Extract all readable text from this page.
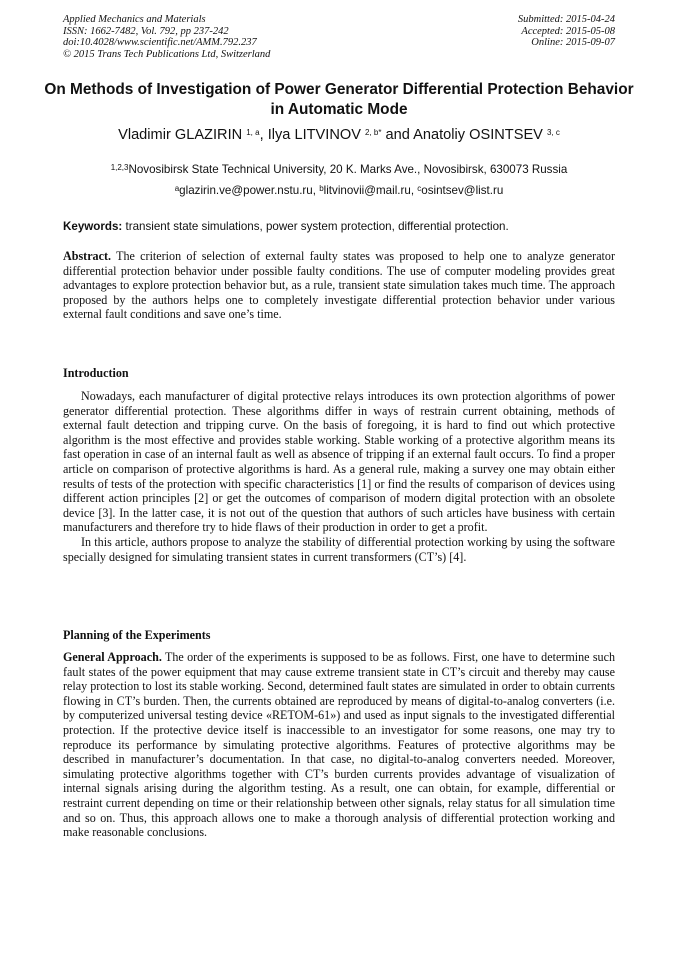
Applied Mechanics and Materials
ISSN: 1662-7482, Vol. 792, pp 237-242
doi:10.4028/www.scientific.net/AMM.792.237
© 2015 Trans Tech Publications Ltd, Switzerland
Submitted: 2015-04-24
Accepted: 2015-05-08
Online: 2015-09-07
On Methods of Investigation of Power Generator Differential Protection Behavior in Automatic Mode
Vladimir GLAZIRIN $^{1, a}$, Ilya LITVINOV $^{2, b*}$ and Anatoliy OSINTSEV $^{3, c}$
$^{1,2,3}$Novosibirsk State Technical University, 20 K. Marks Ave., Novosibirsk, 630073 Russia
$^a$glazirin.ve@power.nstu.ru, $^b$litvinovii@mail.ru, $^c$osintsev@list.ru
Keywords: transient state simulations, power system protection, differential protection.

Abstract. The criterion of selection of external faulty states was proposed to help one to analyze generator differential protection behavior under possible faulty conditions. The use of computer modeling provides great advantages to explore protection behavior but, as a rule, transient state simulation takes much time. The approach proposed by the authors helps one to completely investigate differential protection behavior under various external fault conditions and save one’s time.

Introduction

Nowadays, each manufacturer of digital protective relays introduces its own protection algorithms of power generator differential protection. These algorithms differ in ways of restrain current obtaining, methods of external fault detection and tripping curve. On the basis of foregoing, it is hard to find out which protective algorithm is the most effective and provides stable working. Stable working of a protective algorithm means its fast operation in case of an internal fault as well as absence of tripping if an external fault occurs. To find a proper article on comparison of protective algorithms is hard. As a general rule, making a survey one may obtain either results of tests of the protection with specific characteristics [1] or find the results of comparison of devices using different action principles [2] or get the outcomes of comparison of modern digital protection with an obsolete device [3]. In the latter case, it is not out of the question that authors of such articles have business with certain manufacturers and therefore try to hide flaws of their production in order to get a profit.

In this article, authors propose to analyze the stability of differential protection working by using the software specially designed for simulating transient states in current transformers (CT’s) [4].

Planning of the Experiments

General Approach. The order of the experiments is supposed to be as follows. First, one have to determine such fault states of the power equipment that may cause extreme transient state in CT’s circuit and thereby may cause relay protection to lost its stable working. Second, determined fault states are simulated in order to obtain currents flowing in CT’s burden. Then, the currents obtained are reproduced by means of digital-to-analog converters (i.e. by computerized universal testing device «RETOM-61») and used as input signals to the investigated differential protection. If the protective device itself is inaccessible to an investigator for some reasons, one may try to reproduce its performance by simulating protective algorithms. Features of protective algorithms may be described in manufacturer’s documentation. In that case, no digital-to-analog converters needed. Moreover, simulating protective algorithms together with CT’s burden currents provides advantage of visualization of internal signals arising during the algorithm testing. As a result, one can obtain, for example, differential or restraint current depending on time or their relationship between other signals, relay status for all simulation time and so on. Thus, this approach allows one to make a thorough analysis of differential protection working and make reasonable conclusions.
